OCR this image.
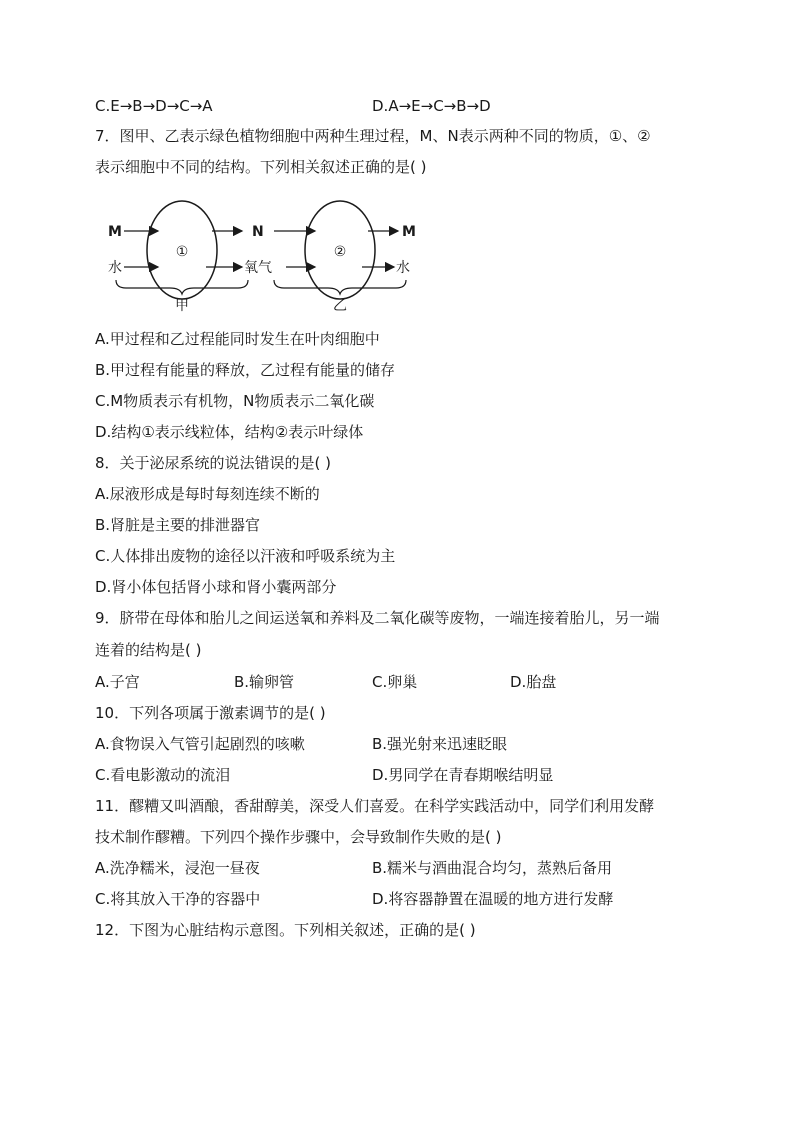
C.E→B→D→C→A	D.A→E→C→B→D
7．图甲、乙表示绿色植物细胞中两种生理过程，M、N表示两种不同的物质，①、②
表示细胞中不同的结构。下列相关叙述正确的是( )
M
水
①
N
氧气
甲
②
M
水
乙
A.甲过程和乙过程能同时发生在叶肉细胞中
B.甲过程有能量的释放，乙过程有能量的储存
C.M物质表示有机物，N物质表示二氧化碳
D.结构①表示线粒体，结构②表示叶绿体
8．关于泌尿系统的说法错误的是( )
A.尿液形成是每时每刻连续不断的
B.肾脏是主要的排泄器官
C.人体排出废物的途径以汗液和呼吸系统为主
D.肾小体包括肾小球和肾小囊两部分
9．脐带在母体和胎儿之间运送氧和养料及二氧化碳等废物，一端连接着胎儿，另一端
连着的结构是( )
A.子宫	B.输卵管	C.卵巢	D.胎盘
10．下列各项属于激素调节的是( )
A.食物误入气管引起剧烈的咳嗽	B.强光射来迅速眨眼
C.看电影激动的流泪	D.男同学在青春期喉结明显
11．醪糟又叫酒酿，香甜醇美，深受人们喜爱。在科学实践活动中，同学们利用发酵
技术制作醪糟。下列四个操作步骤中，会导致制作失败的是( )
A.洗净糯米，浸泡一昼夜	B.糯米与酒曲混合均匀，蒸熟后备用
C.将其放入干净的容器中	D.将容器静置在温暖的地方进行发酵
12．下图为心脏结构示意图。下列相关叙述，正确的是( )
